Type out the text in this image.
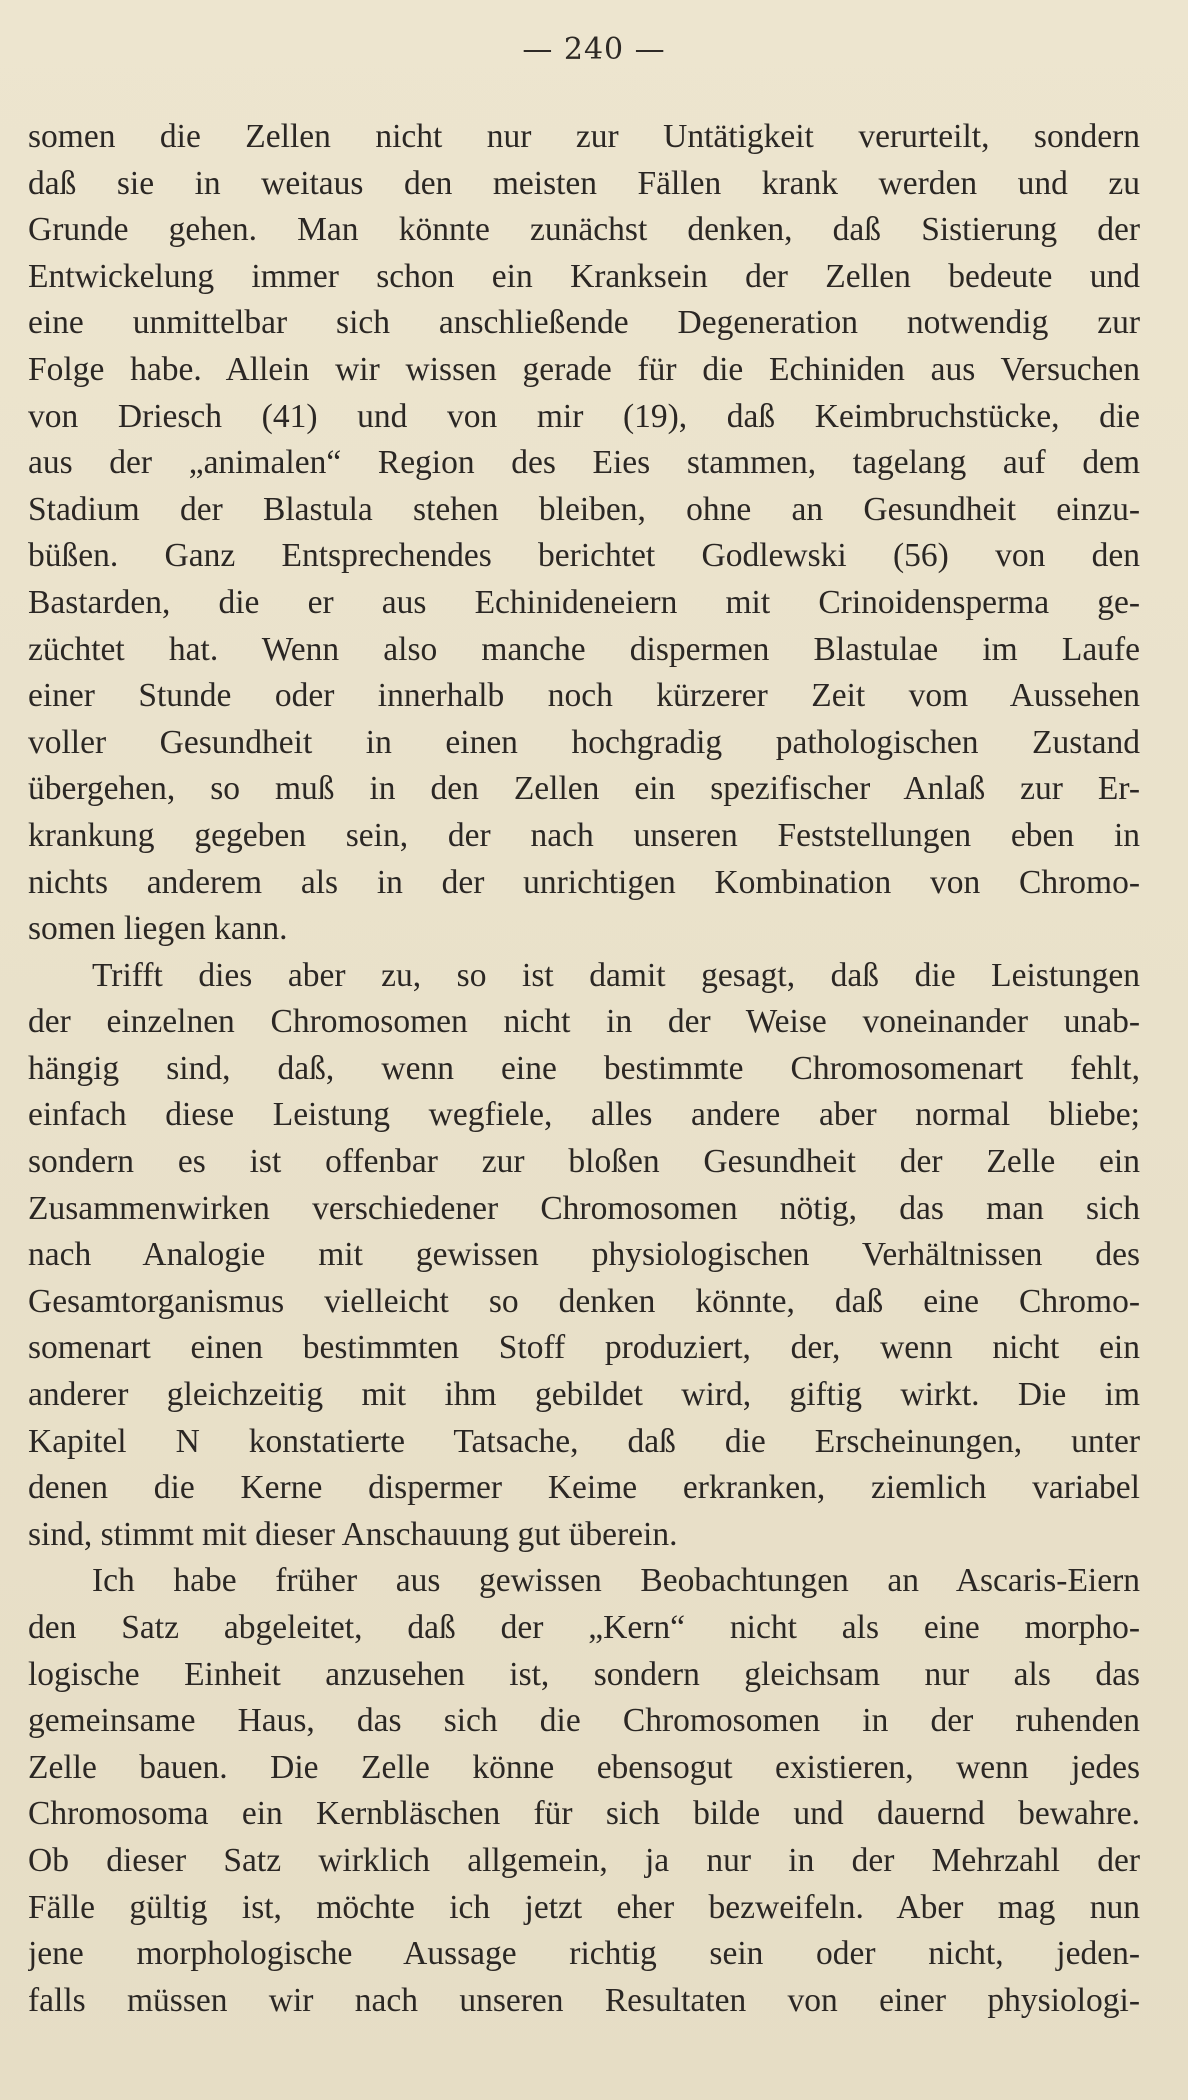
— 240 —
somen die Zellen nicht nur zur Untätigkeit verurteilt, sondern
daß sie in weitaus den meisten Fällen krank werden und zu
Grunde gehen. Man könnte zunächst denken, daß Sistierung der
Entwickelung immer schon ein Kranksein der Zellen bedeute und
eine unmittelbar sich anschließende Degeneration notwendig zur
Folge habe. Allein wir wissen gerade für die Echiniden aus Versuchen
von Driesch (41) und von mir (19), daß Keimbruchstücke, die
aus der „animalen“ Region des Eies stammen, tagelang auf dem
Stadium der Blastula stehen bleiben, ohne an Gesundheit einzu-
büßen. Ganz Entsprechendes berichtet Godlewski (56) von den
Bastarden, die er aus Echinideneiern mit Crinoidensperma ge-
züchtet hat. Wenn also manche dispermen Blastulae im Laufe
einer Stunde oder innerhalb noch kürzerer Zeit vom Aussehen
voller Gesundheit in einen hochgradig pathologischen Zustand
übergehen, so muß in den Zellen ein spezifischer Anlaß zur Er-
krankung gegeben sein, der nach unseren Feststellungen eben in
nichts anderem als in der unrichtigen Kombination von Chromo-
somen liegen kann.
Trifft dies aber zu, so ist damit gesagt, daß die Leistungen
der einzelnen Chromosomen nicht in der Weise voneinander unab-
hängig sind, daß, wenn eine bestimmte Chromosomenart fehlt,
einfach diese Leistung wegfiele, alles andere aber normal bliebe;
sondern es ist offenbar zur bloßen Gesundheit der Zelle ein
Zusammenwirken verschiedener Chromosomen nötig, das man sich
nach Analogie mit gewissen physiologischen Verhältnissen des
Gesamtorganismus vielleicht so denken könnte, daß eine Chromo-
somenart einen bestimmten Stoff produziert, der, wenn nicht ein
anderer gleichzeitig mit ihm gebildet wird, giftig wirkt. Die im
Kapitel N konstatierte Tatsache, daß die Erscheinungen, unter
denen die Kerne dispermer Keime erkranken, ziemlich variabel
sind, stimmt mit dieser Anschauung gut überein.
Ich habe früher aus gewissen Beobachtungen an Ascaris-Eiern
den Satz abgeleitet, daß der „Kern“ nicht als eine morpho-
logische Einheit anzusehen ist, sondern gleichsam nur als das
gemeinsame Haus, das sich die Chromosomen in der ruhenden
Zelle bauen. Die Zelle könne ebensogut existieren, wenn jedes
Chromosoma ein Kernbläschen für sich bilde und dauernd bewahre.
Ob dieser Satz wirklich allgemein, ja nur in der Mehrzahl der
Fälle gültig ist, möchte ich jetzt eher bezweifeln. Aber mag nun
jene morphologische Aussage richtig sein oder nicht, jeden-
falls müssen wir nach unseren Resultaten von einer physiologi-
